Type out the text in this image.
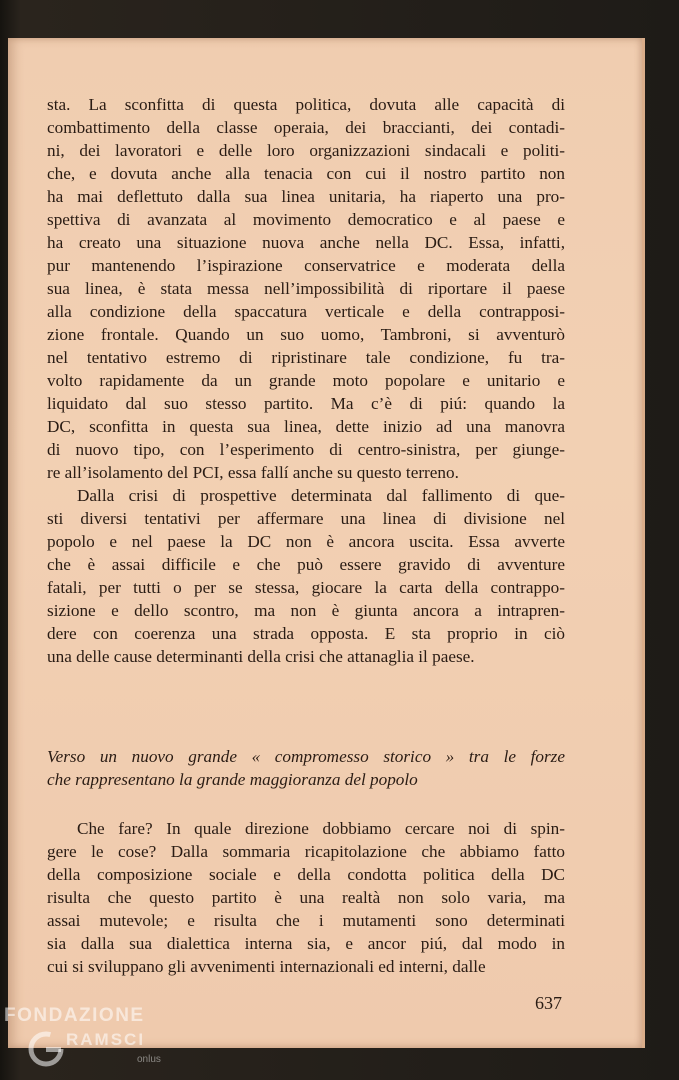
sta. La sconfitta di questa politica, dovuta alle capacità di
combattimento della classe operaia, dei braccianti, dei contadi-
ni, dei lavoratori e delle loro organizzazioni sindacali e politi-
che, e dovuta anche alla tenacia con cui il nostro partito non
ha mai deflettuto dalla sua linea unitaria, ha riaperto una pro-
spettiva di avanzata al movimento democratico e al paese e
ha creato una situazione nuova anche nella DC. Essa, infatti,
pur mantenendo l’ispirazione conservatrice e moderata della
sua linea, è stata messa nell’impossibilità di riportare il paese
alla condizione della spaccatura verticale e della contrapposi-
zione frontale. Quando un suo uomo, Tambroni, si avventurò
nel tentativo estremo di ripristinare tale condizione, fu tra-
volto rapidamente da un grande moto popolare e unitario e
liquidato dal suo stesso partito. Ma c’è di piú: quando la
DC, sconfitta in questa sua linea, dette inizio ad una manovra
di nuovo tipo, con l’esperimento di centro-sinistra, per giunge-
re all’isolamento del PCI, essa fallí anche su questo terreno.
Dalla crisi di prospettive determinata dal fallimento di que-
sti diversi tentativi per affermare una linea di divisione nel
popolo e nel paese la DC non è ancora uscita. Essa avverte
che è assai difficile e che può essere gravido di avventure
fatali, per tutti o per se stessa, giocare la carta della contrappo-
sizione e dello scontro, ma non è giunta ancora a intrapren-
dere con coerenza una strada opposta. E sta proprio in ciò
una delle cause determinanti della crisi che attanaglia il paese.
Verso un nuovo grande « compromesso storico » tra le forze
che rappresentano la grande maggioranza del popolo
Che fare? In quale direzione dobbiamo cercare noi di spin-
gere le cose? Dalla sommaria ricapitolazione che abbiamo fatto
della composizione sociale e della condotta politica della DC
risulta che questo partito è una realtà non solo varia, ma
assai mutevole; e risulta che i mutamenti sono determinati
sia dalla sua dialettica interna sia, e ancor piú, dal modo in
cui si sviluppano gli avvenimenti internazionali ed interni, dalle
637
FONDAZIONE
RAMSCI
onlus
